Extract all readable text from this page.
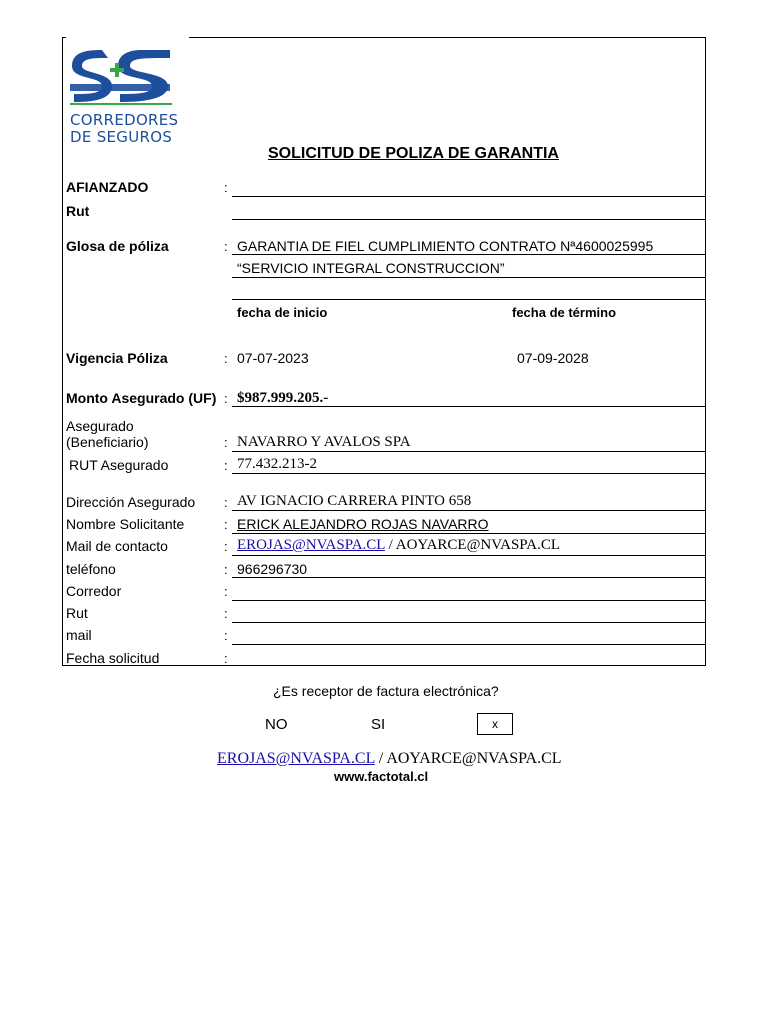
CORREDORES
DE SEGUROS
SOLICITUD DE POLIZA DE GARANTIA
AFIANZADO	:
Rut
Glosa de póliza	: GARANTIA DE FIEL CUMPLIMIENTO CONTRATO Nª4600025995
“SERVICIO INTEGRAL CONSTRUCCION”
fecha de inicio	fecha de término
Vigencia Póliza	: 07-07-2023	07-09-2028
Monto Asegurado (UF) : $987.999.205.-
Asegurado
(Beneficiario)	: NAVARRO Y AVALOS SPA
RUT Asegurado	: 77.432.213-2
Dirección Asegurado : AV IGNACIO CARRERA PINTO 658
Nombre Solicitante	: ERICK ALEJANDRO ROJAS NAVARRO
Mail de contacto	: EROJAS@NVASPA.CL / AOYARCE@NVASPA.CL
teléfono	: 966296730
Corredor	:
Rut	:
mail	:
Fecha solicitud	:
¿Es receptor de factura electrónica?
NO	SI	x
EROJAS@NVASPA.CL / AOYARCE@NVASPA.CL
www.factotal.cl
